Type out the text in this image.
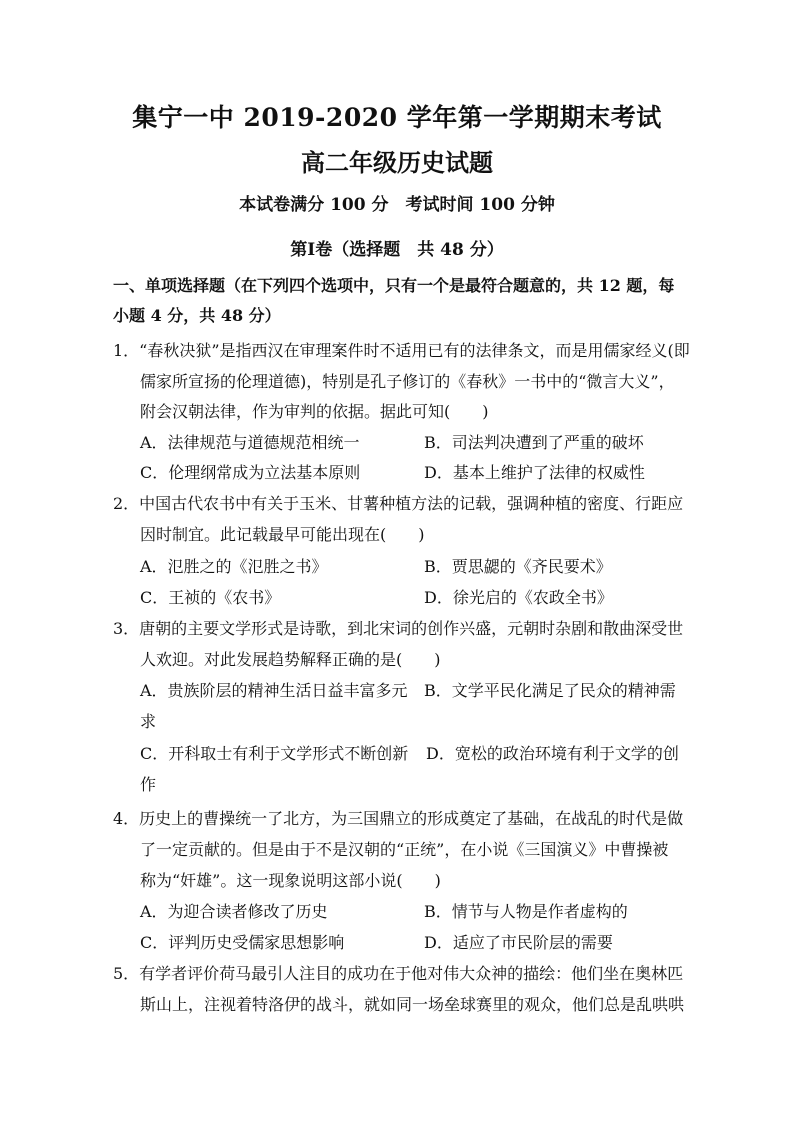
集宁一中 2019-2020 学年第一学期期末考试
高二年级历史试题
本试卷满分 100 分　考试时间 100 分钟
第Ⅰ卷（选择题　共 48 分）
一、单项选择题（在下列四个选项中，只有一个是最符合题意的，共 12 题，每小题 4 分，共 48 分）
1．“春秋决狱”是指西汉在审理案件时不适用已有的法律条文，而是用儒家经义(即
儒家所宣扬的伦理道德)，特别是孔子修订的《春秋》一书中的“微言大义”，
附会汉朝法律，作为审判的依据。据此可知(　　)
A．法律规范与道德规范相统一	B．司法判决遭到了严重的破坏
C．伦理纲常成为立法基本原则	D．基本上维护了法律的权威性
2．中国古代农书中有关于玉米、甘薯种植方法的记载，强调种植的密度、行距应
因时制宜。此记载最早可能出现在(　　)
A．氾胜之的《氾胜之书》	B．贾思勰的《齐民要术》
C．王祯的《农书》	D．徐光启的《农政全书》
3．唐朝的主要文学形式是诗歌，到北宋词的创作兴盛，元朝时杂剧和散曲深受世
人欢迎。对此发展趋势解释正确的是(　　)
A．贵族阶层的精神生活日益丰富多元 B．文学平民化满足了民众的精神需
求
C．开科取士有利于文学形式不断创新 D．宽松的政治环境有利于文学的创
作
4．历史上的曹操统一了北方，为三国鼎立的形成奠定了基础，在战乱的时代是做
了一定贡献的。但是由于不是汉朝的“正统”，在小说《三国演义》中曹操被
称为“奸雄”。这一现象说明这部小说(　　)
A．为迎合读者修改了历史	B．情节与人物是作者虚构的
C．评判历史受儒家思想影响	D．适应了市民阶层的需要
5．有学者评价荷马最引人注目的成功在于他对伟大众神的描绘：他们坐在奥林匹
斯山上，注视着特洛伊的战斗，就如同一场垒球赛里的观众，他们总是乱哄哄
